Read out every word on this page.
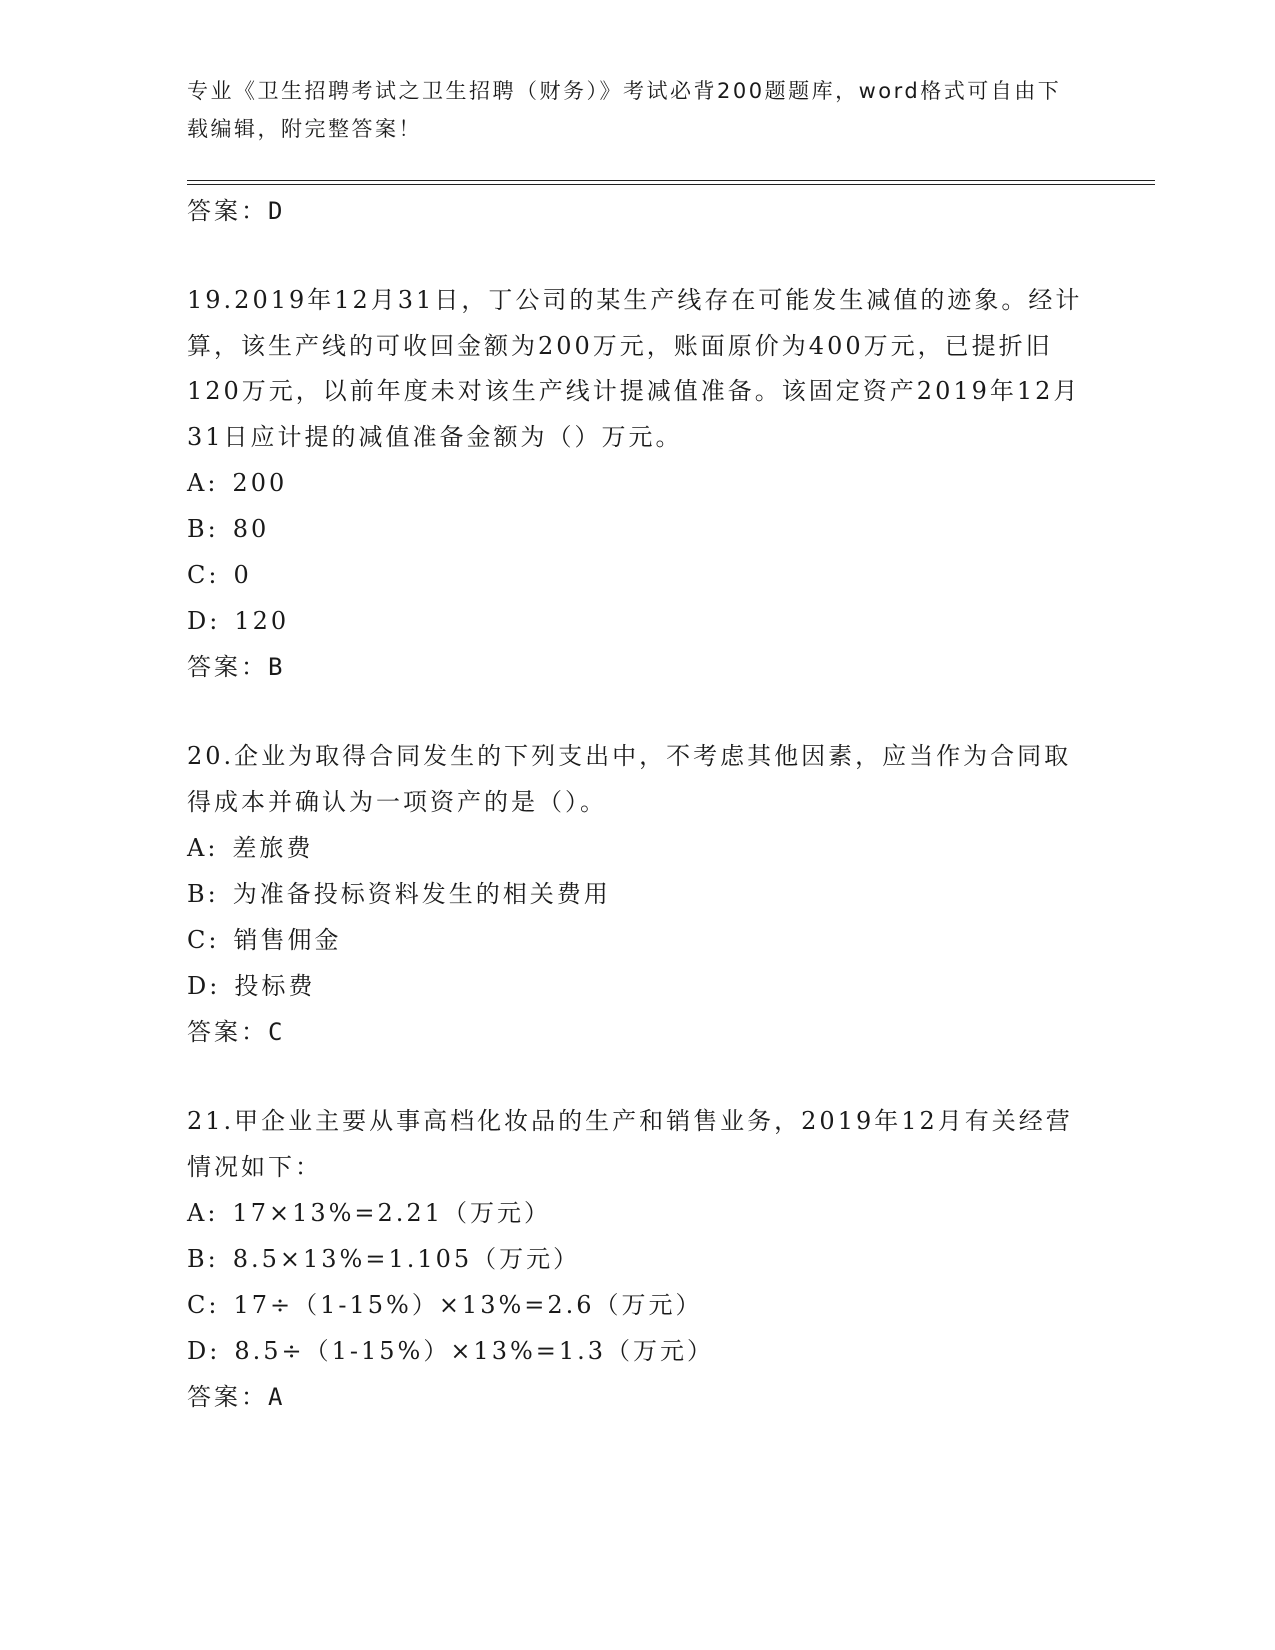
专业《卫生招聘考试之卫生招聘（财务）》考试必背200题题库，word格式可自由下载编辑，附完整答案！
答案：D
19.2019年12月31日，丁公司的某生产线存在可能发生减值的迹象。经计算，该生产线的可收回金额为200万元，账面原价为400万元，已提折旧120万元，以前年度未对该生产线计提减值准备。该固定资产2019年12月31日应计提的减值准备金额为（）万元。
A: 200
B: 80
C: 0
D: 120
答案：B
20.企业为取得合同发生的下列支出中，不考虑其他因素，应当作为合同取得成本并确认为一项资产的是（）。
A: 差旅费
B: 为准备投标资料发生的相关费用
C: 销售佣金
D: 投标费
答案：C
21.甲企业主要从事高档化妆品的生产和销售业务，2019年12月有关经营情况如下：
A: 17×13%=2.21（万元）
B: 8.5×13%=1.105（万元）
C: 17÷（1-15%）×13%=2.6（万元）
D: 8.5÷（1-15%）×13%=1.3（万元）
答案：A
